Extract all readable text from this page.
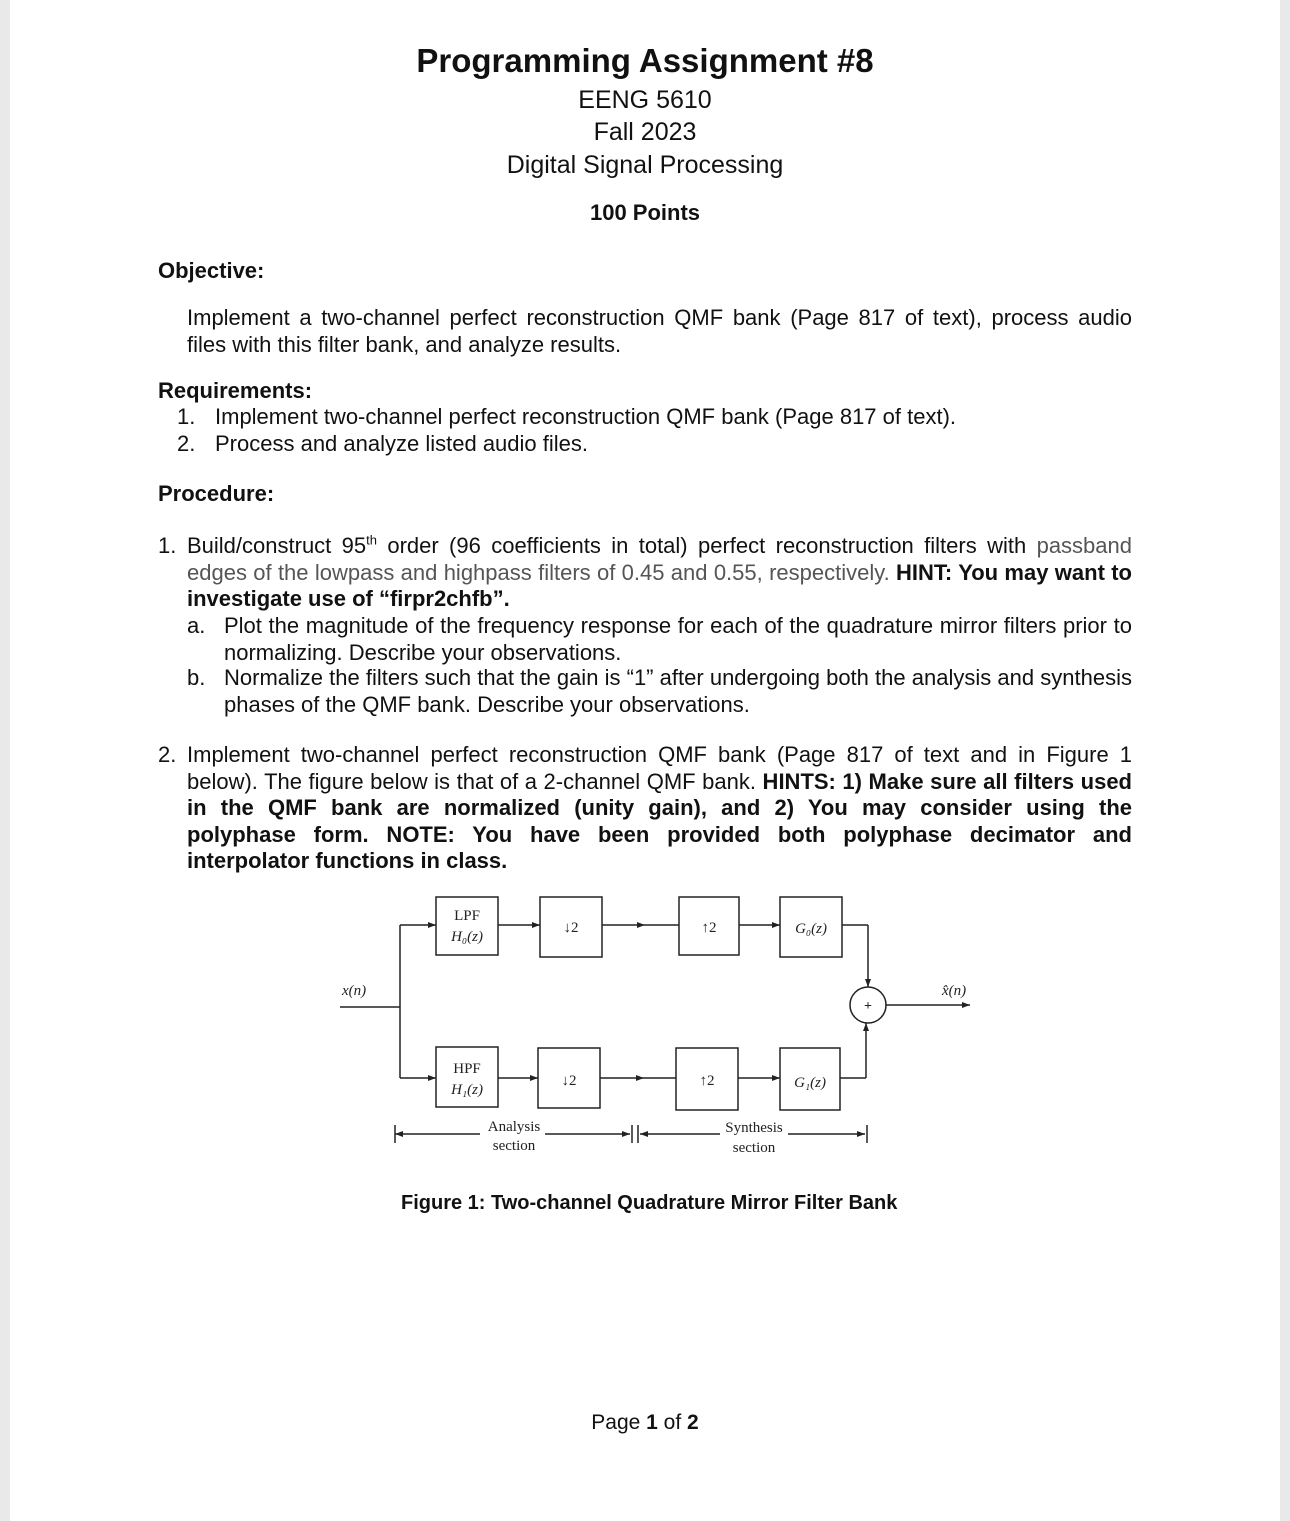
Programming Assignment #8
EENG 5610
Fall 2023
Digital Signal Processing
100 Points
Objective:
Implement a two-channel perfect reconstruction QMF bank (Page 817 of text), process audio files with this filter bank, and analyze results.
Requirements:
1. Implement two-channel perfect reconstruction QMF bank (Page 817 of text).
2. Process and analyze listed audio files.
Procedure:
1. Build/construct 95th order (96 coefficients in total) perfect reconstruction filters with passband edges of the lowpass and highpass filters of 0.45 and 0.55, respectively. HINT: You may want to investigate use of “firpr2chfb”.
a. Plot the magnitude of the frequency response for each of the quadrature mirror filters prior to normalizing. Describe your observations.
b. Normalize the filters such that the gain is “1” after undergoing both the analysis and synthesis phases of the QMF bank. Describe your observations.
2. Implement two-channel perfect reconstruction QMF bank (Page 817 of text and in Figure 1 below). The figure below is that of a 2-channel QMF bank. HINTS: 1) Make sure all filters used in the QMF bank are normalized (unity gain), and 2) You may consider using the polyphase form. NOTE: You have been provided both polyphase decimator and interpolator functions in class.
x(n)	x̂(n)
LPF
H₀(z)
↓2	↑2	G₀(z)
HPF
H₁(z)
↓2	↑2	G₁(z)
+
Analysis
section
Synthesis
section
Figure 1: Two-channel Quadrature Mirror Filter Bank
Page 1 of 2
